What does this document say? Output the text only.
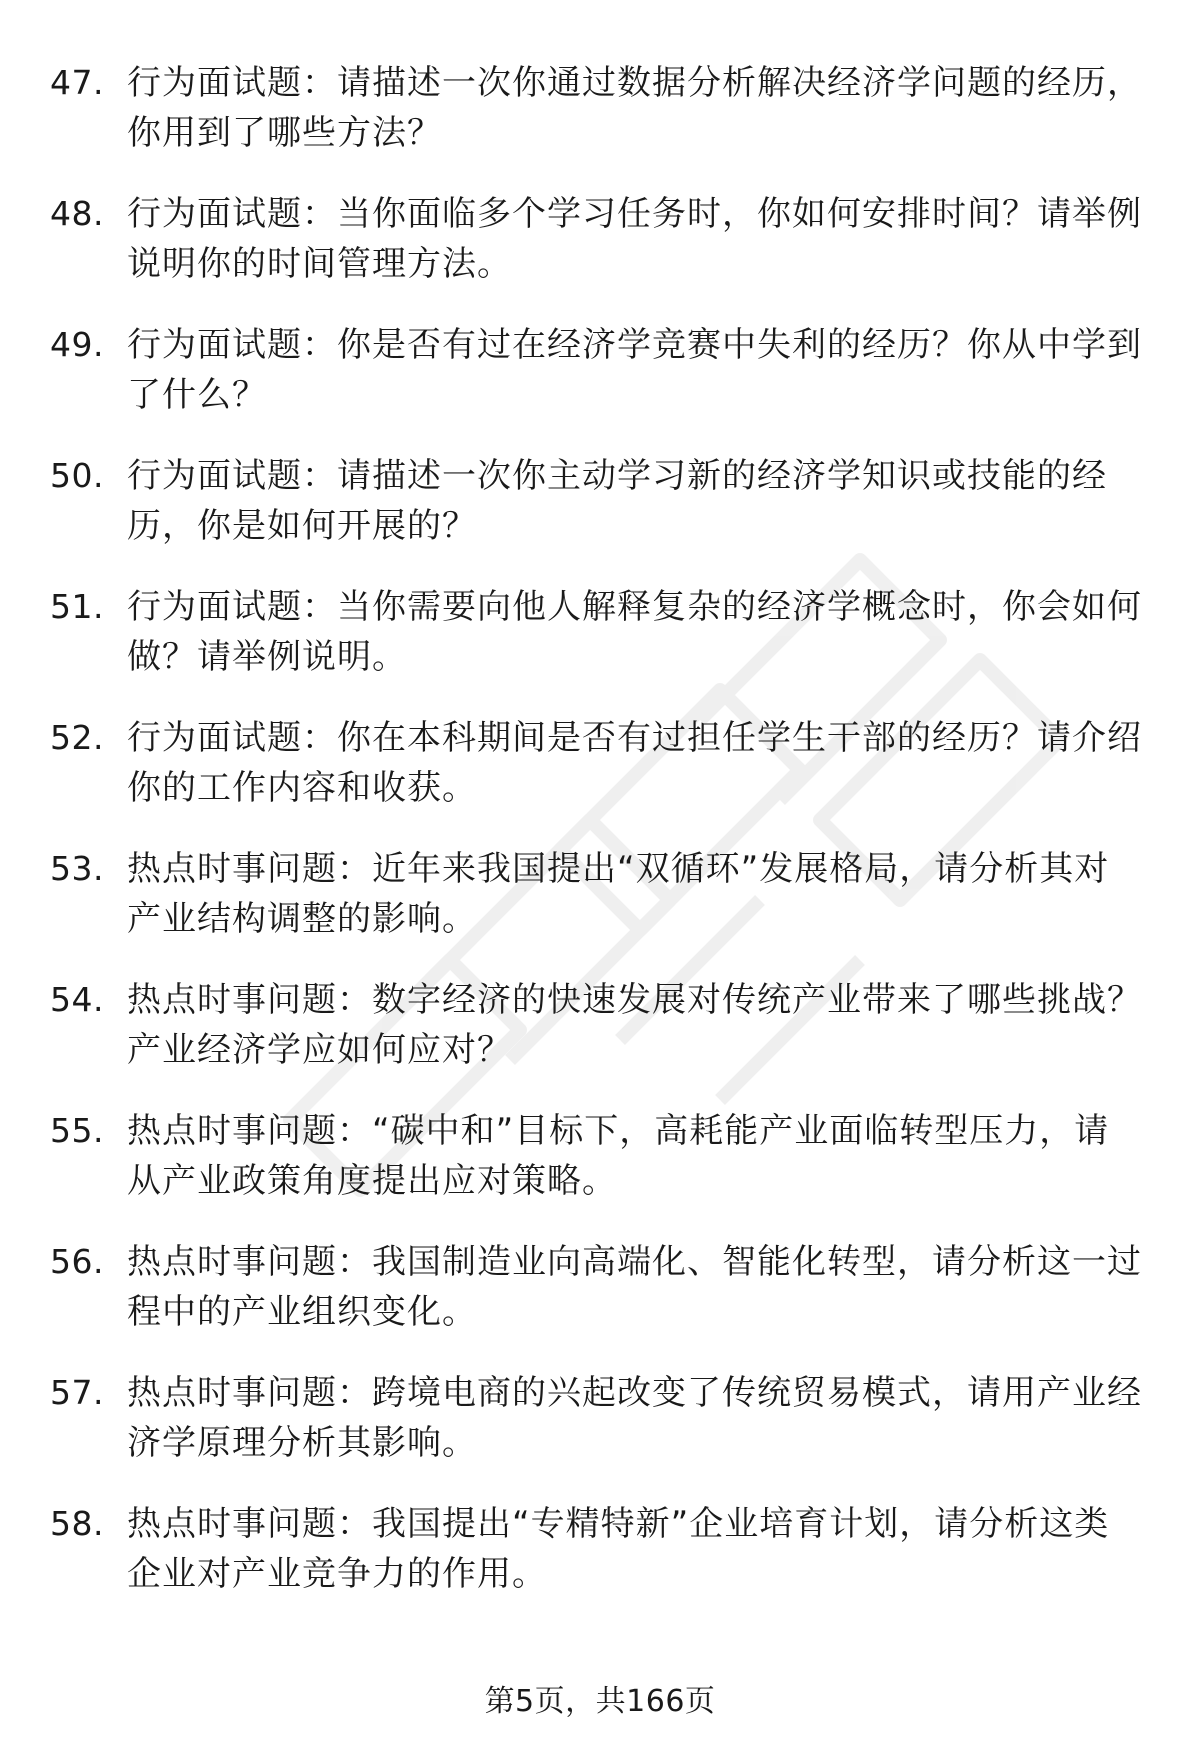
47. 行为面试题：请描述一次你通过数据分析解决经济学问题的经历，你用到了哪些方法？
48. 行为面试题：当你面临多个学习任务时，你如何安排时间？请举例说明你的时间管理方法。
49. 行为面试题：你是否有过在经济学竞赛中失利的经历？你从中学到了什么？
50. 行为面试题：请描述一次你主动学习新的经济学知识或技能的经历，你是如何开展的？
51. 行为面试题：当你需要向他人解释复杂的经济学概念时，你会如何做？请举例说明。
52. 行为面试题：你在本科期间是否有过担任学生干部的经历？请介绍你的工作内容和收获。
53. 热点时事问题：近年来我国提出“双循环”发展格局，请分析其对产业结构调整的影响。
54. 热点时事问题：数字经济的快速发展对传统产业带来了哪些挑战？产业经济学应如何应对？
55. 热点时事问题：“碳中和”目标下，高耗能产业面临转型压力，请从产业政策角度提出应对策略。
56. 热点时事问题：我国制造业向高端化、智能化转型，请分析这一过程中的产业组织变化。
57. 热点时事问题：跨境电商的兴起改变了传统贸易模式，请用产业经济学原理分析其影响。
58. 热点时事问题：我国提出“专精特新”企业培育计划，请分析这类企业对产业竞争力的作用。
第5页，共166页
